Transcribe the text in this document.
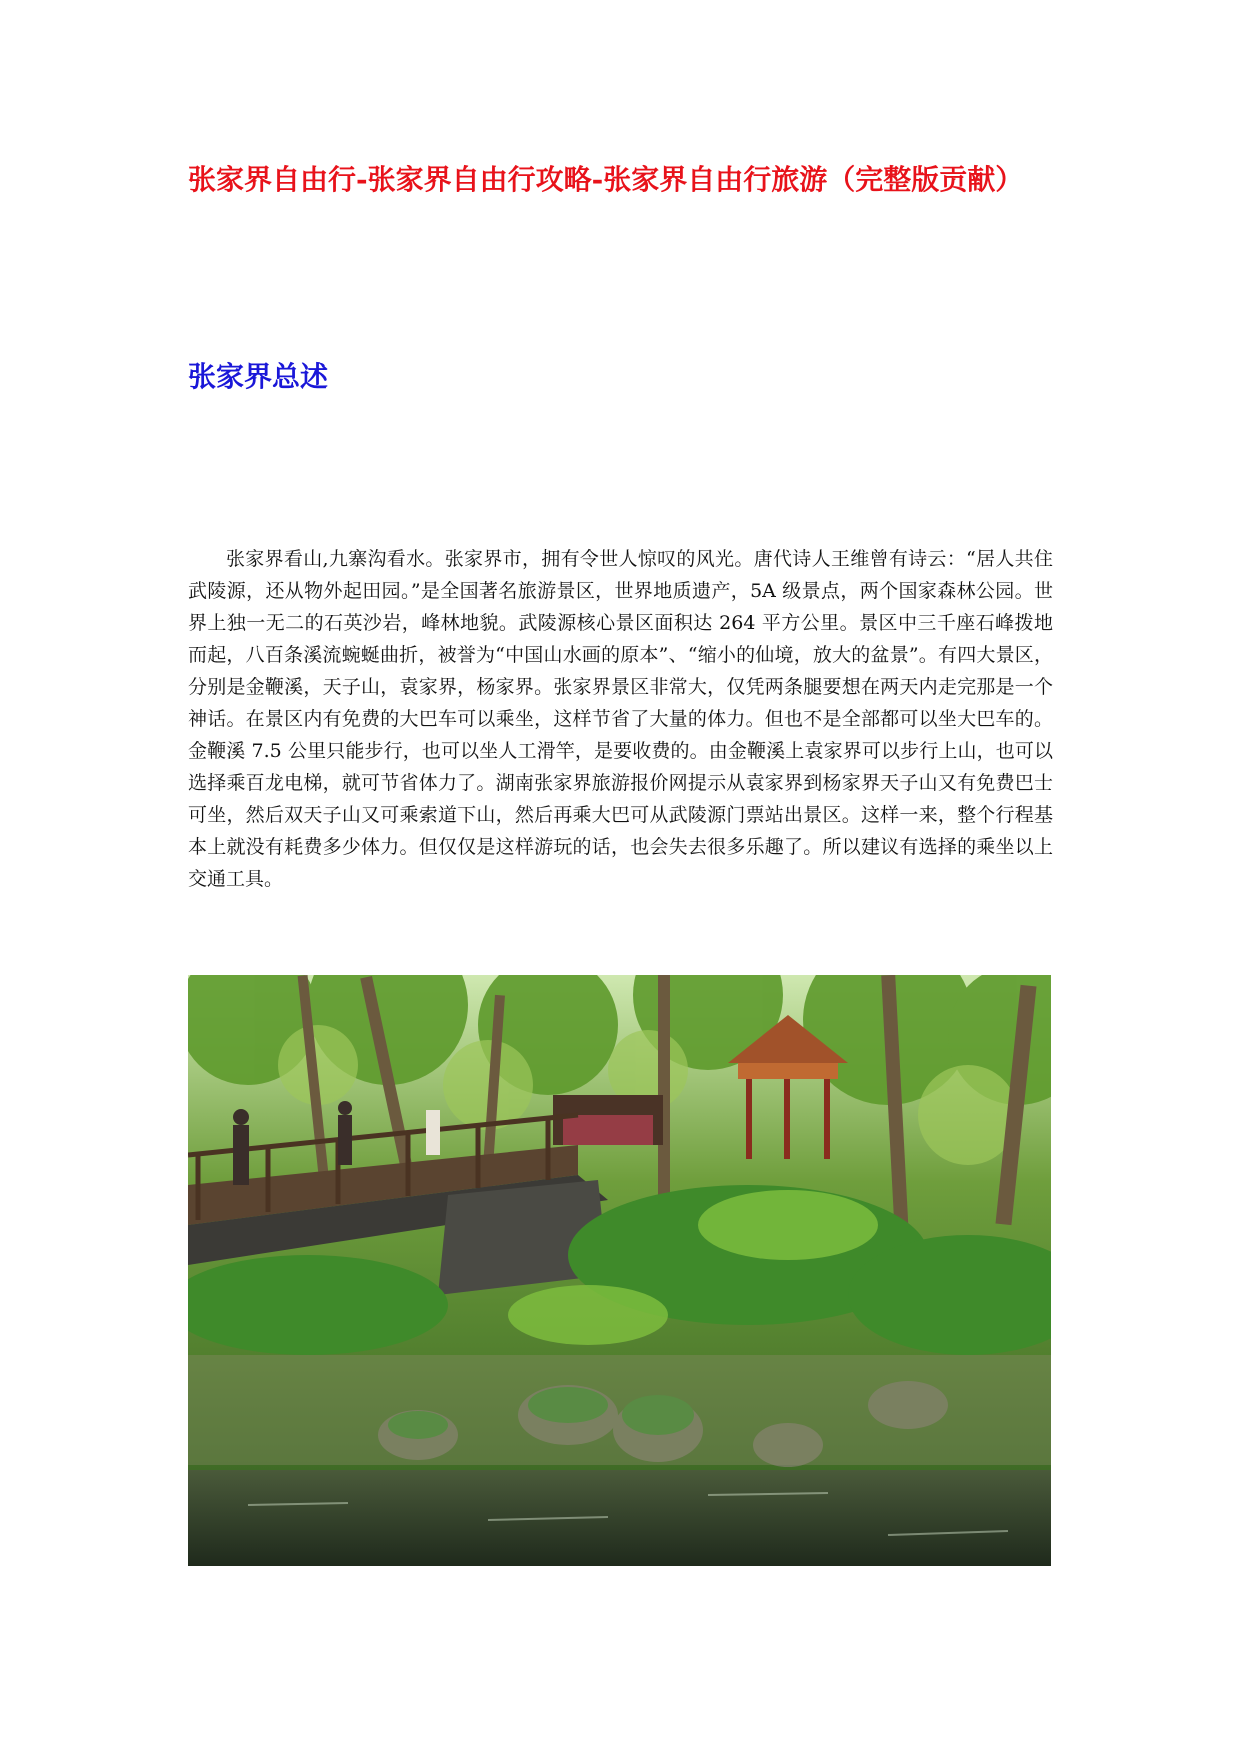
张家界自由行-张家界自由行攻略-张家界自由行旅游（完整版贡献）
张家界总述

张家界看山,九寨沟看水。张家界市，拥有令世人惊叹的风光。唐代诗人王维曾有诗云：“居人共住武陵源，还从物外起田园。”是全国著名旅游景区，世界地质遗产，5A 级景点，两个国家森林公园。世界上独一无二的石英沙岩，峰林地貌。武陵源核心景区面积达 264 平方公里。景区中三千座石峰拨地而起，八百条溪流蜿蜒曲折，被誉为“中国山水画的原本”、“缩小的仙境，放大的盆景”。有四大景区，分别是金鞭溪，天子山，袁家界，杨家界。张家界景区非常大，仅凭两条腿要想在两天内走完那是一个神话。在景区内有免费的大巴车可以乘坐，这样节省了大量的体力。但也不是全部都可以坐大巴车的。金鞭溪 7.5 公里只能步行，也可以坐人工滑竿，是要收费的。由金鞭溪上袁家界可以步行上山，也可以选择乘百龙电梯，就可节省体力了。湖南张家界旅游报价网提示从袁家界到杨家界天子山又有免费巴士可坐，然后双天子山又可乘索道下山，然后再乘大巴可从武陵源门票站出景区。这样一来，整个行程基本上就没有耗费多少体力。但仅仅是这样游玩的话，也会失去很多乐趣了。所以建议有选择的乘坐以上交通工具。
